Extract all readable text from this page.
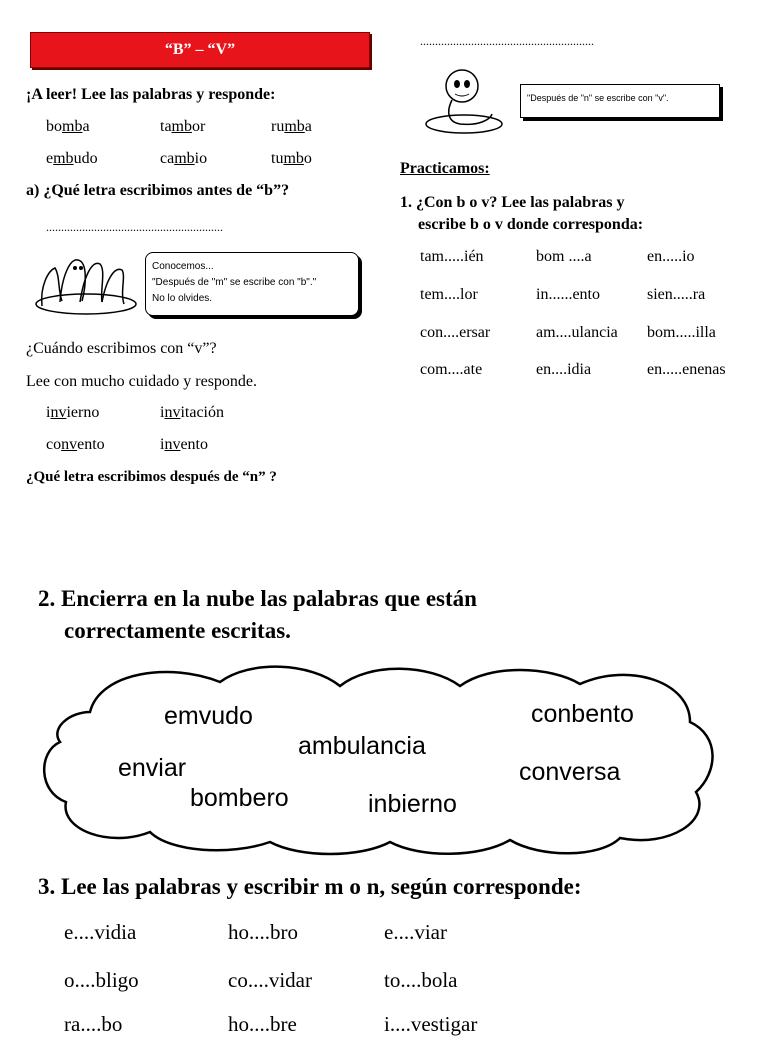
“B” – “V”
¡A leer! Lee las palabras y responde:
bomba	tambor	rumba
embudo	cambio	tumbo
a) ¿Qué letra escribimos antes de “b”?
...........................................................
Conocemos...
"Después de "m" se escribe con "b"."
No lo olvides.
¿Cuándo escribimos con “v”?
Lee con mucho cuidado y responde.
invierno	invitación
convento	invento
¿Qué letra escribimos después de “n” ?
..........................................................
"Después de "n" se escribe con "v".
Practicamos:
1. ¿Con b o v? Lee las palabras y
escribe b o v donde corresponda:
tam.....ién	bom ....a	en.....io
tem....lor	in......ento	sien.....ra
con....ersar	am....ulancia bom.....illa
com....ate	en....idia	en.....enenas
2. Encierra en la nube las palabras que están
correctamente escritas.
emvudo	conbento
ambulancia
enviar	conversa
bombero	inbierno
3. Lee las palabras y escribir m o n, según corresponde:
e....vidia	ho....bro	e....viar
o....bligo	co....vidar	to....bola
ra....bo	ho....bre	i....vestigar
